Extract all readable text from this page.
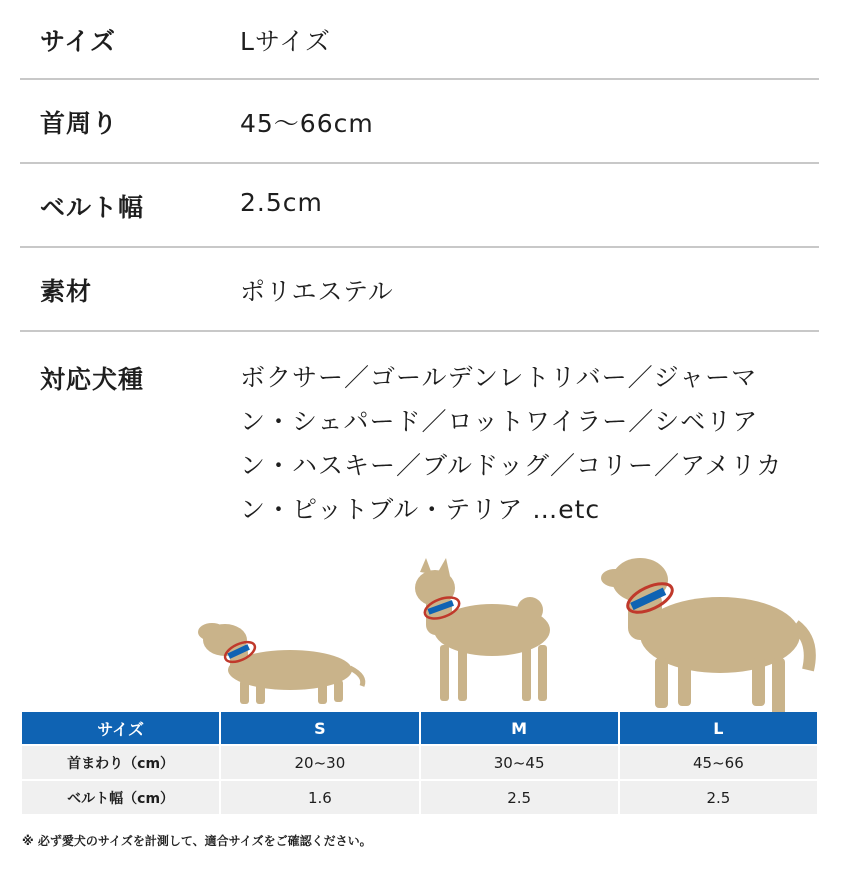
サイズ	Lサイズ
首周り	45〜66cm
ベルト幅	2.5cm
素材	ポリエステル
対応犬種	ボクサー／ゴールデンレトリバー／ジャーマン・シェパード／ロットワイラー／シベリアン・ハスキー／ブルドッグ／コリー／アメリカン・ピットブル・テリア …etc
サイズ	S	M	L
首まわり（cm）	20~30	30~45	45~66
ベルト幅（cm）	1.6	2.5	2.5
※ 必ず愛犬のサイズを計測して、適合サイズをご確認ください。
